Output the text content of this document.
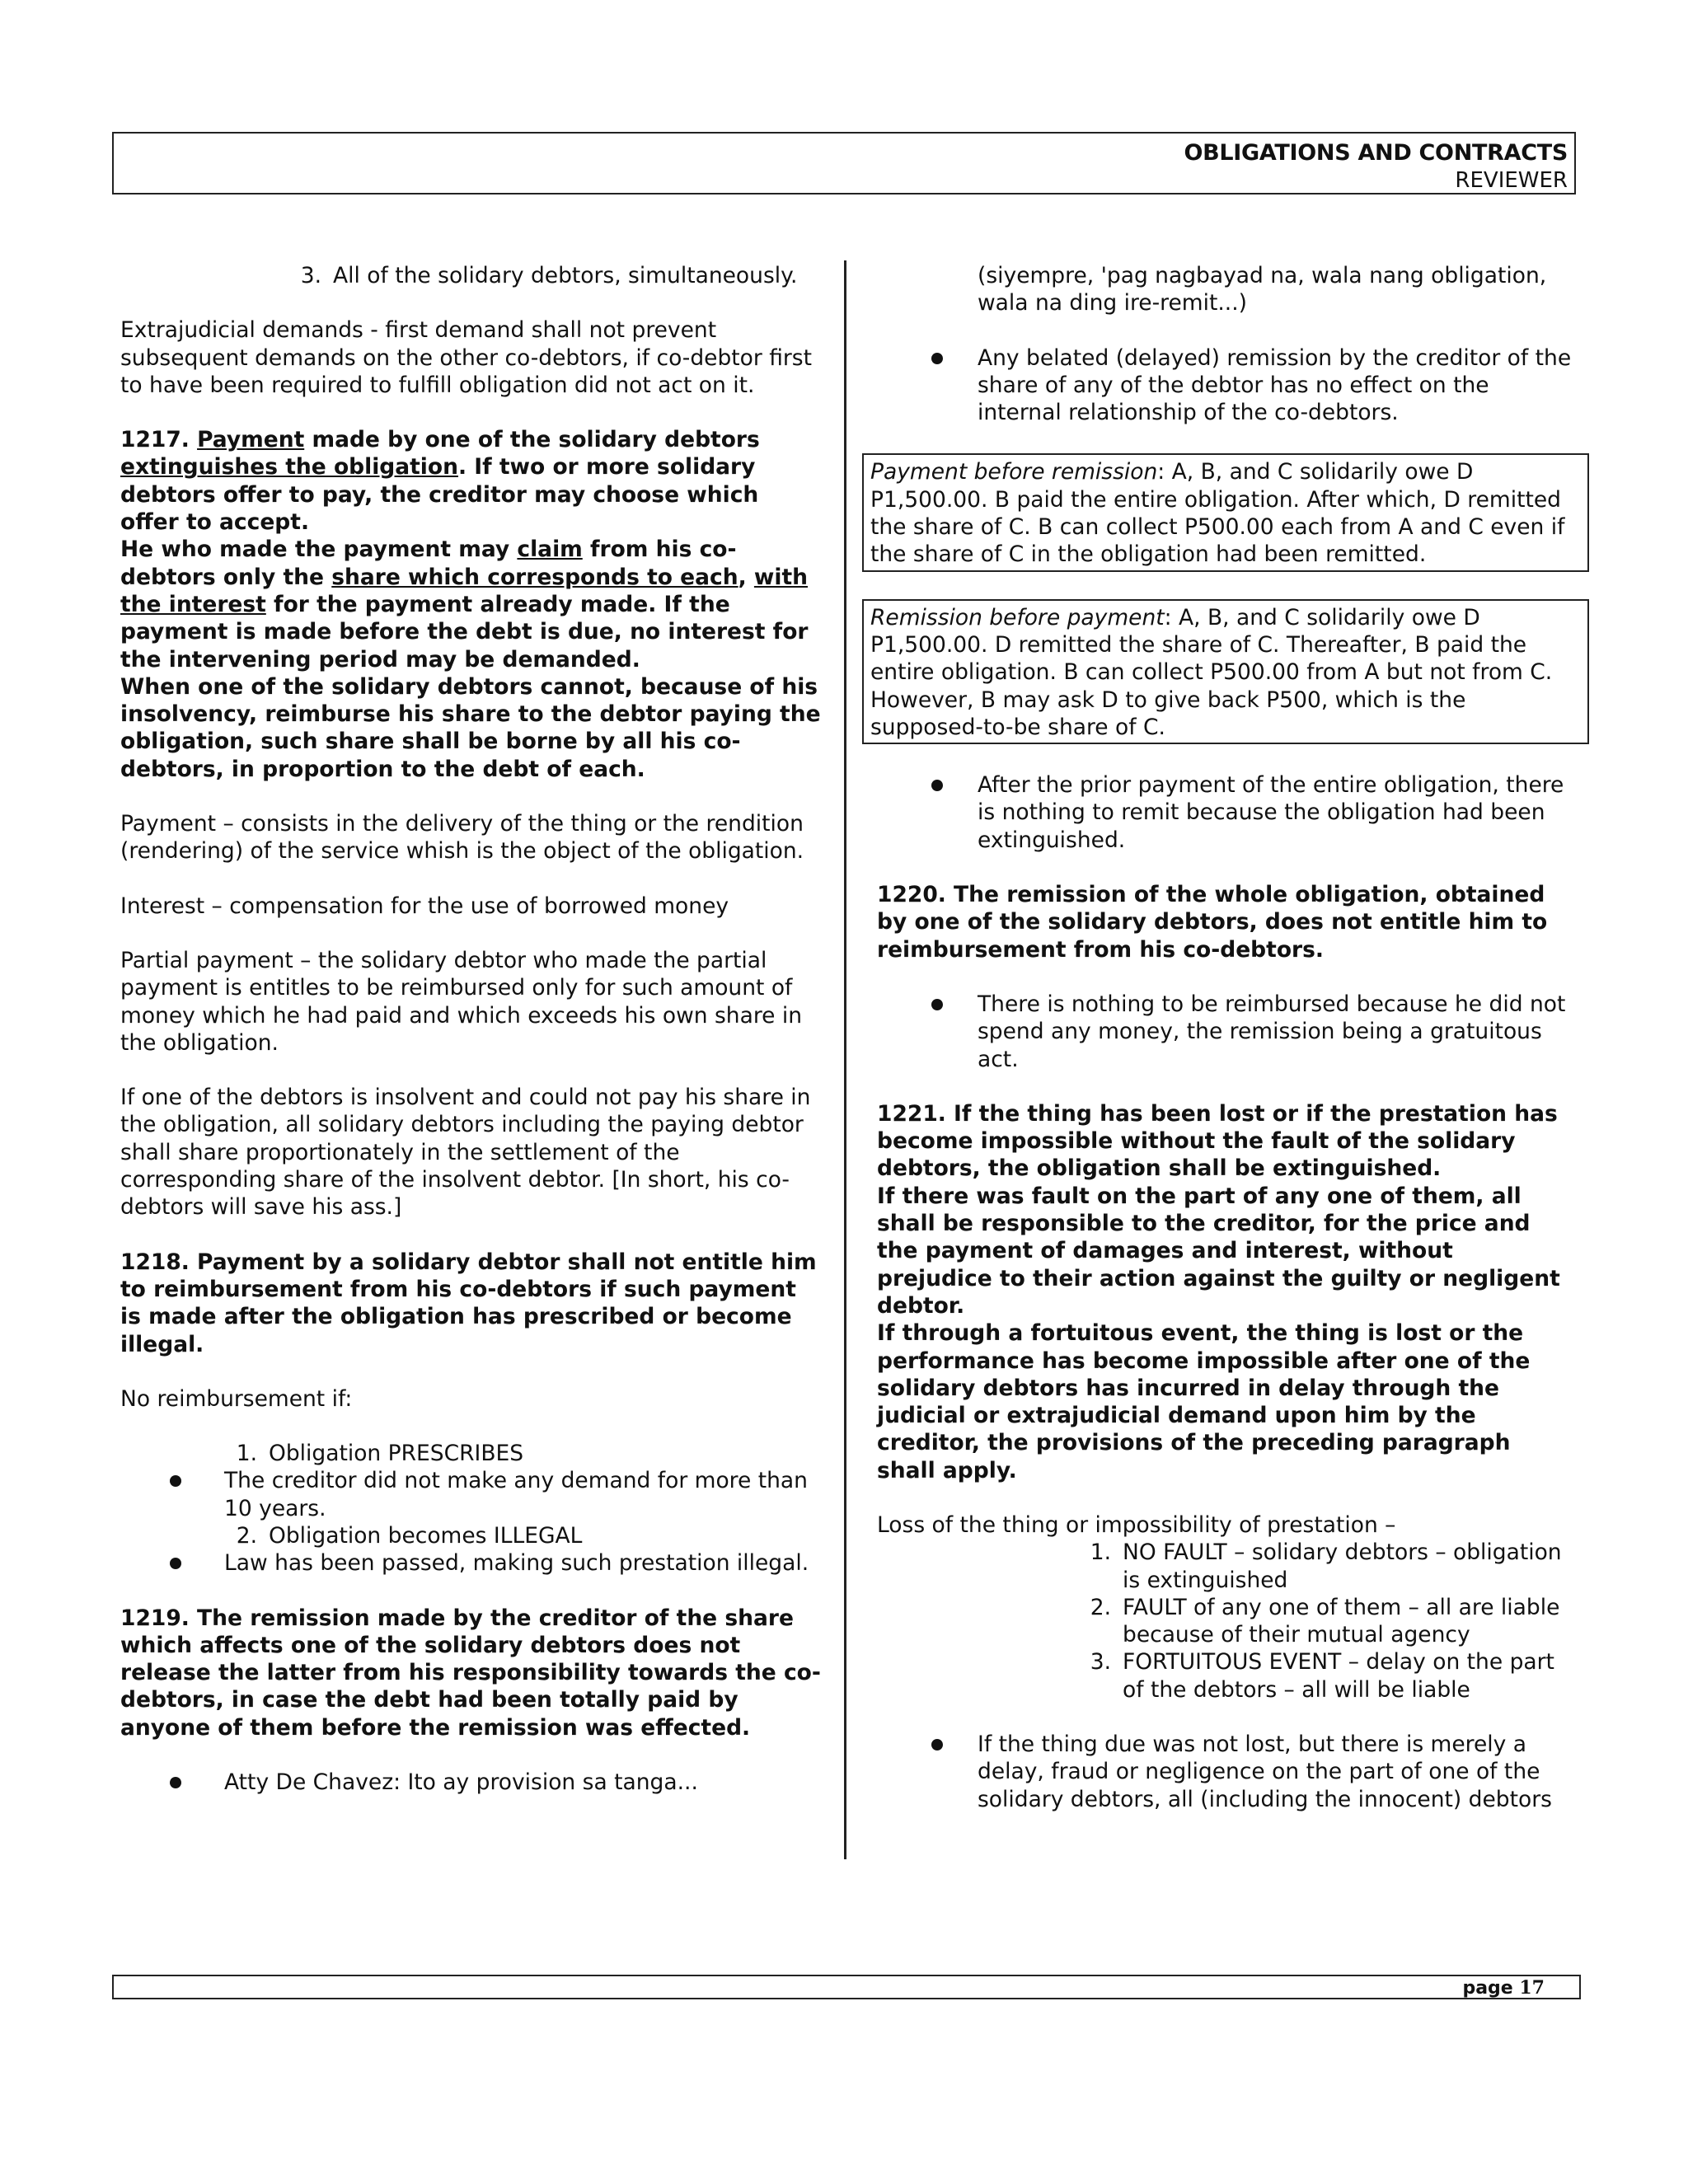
OBLIGATIONS AND CONTRACTS
REVIEWER
3. All of the solidary debtors, simultaneously.

Extrajudicial demands - first demand shall not prevent subsequent demands on the other co-debtors, if co-debtor first to have been required to fulfill obligation did not act on it.

1217. Payment made by one of the solidary debtors extinguishes the obligation. If two or more solidary debtors offer to pay, the creditor may choose which offer to accept.
He who made the payment may claim from his co-debtors only the share which corresponds to each, with the interest for the payment already made. If the payment is made before the debt is due, no interest for the intervening period may be demanded.
When one of the solidary debtors cannot, because of his insolvency, reimburse his share to the debtor paying the obligation, such share shall be borne by all his co-debtors, in proportion to the debt of each.

Payment – consists in the delivery of the thing or the rendition (rendering) of the service whish is the object of the obligation.

Interest – compensation for the use of borrowed money

Partial payment – the solidary debtor who made the partial payment is entitles to be reimbursed only for such amount of money which he had paid and which exceeds his own share in the obligation.

If one of the debtors is insolvent and could not pay his share in the obligation, all solidary debtors including the paying debtor shall share proportionately in the settlement of the corresponding share of the insolvent debtor. [In short, his co-debtors will save his ass.]

1218. Payment by a solidary debtor shall not entitle him to reimbursement from his co-debtors if such payment is made after the obligation has prescribed or become illegal.

No reimbursement if:

1. Obligation PRESCRIBES
The creditor did not make any demand for more than 10 years.
2. Obligation becomes ILLEGAL
Law has been passed, making such prestation illegal.

1219. The remission made by the creditor of the share which affects one of the solidary debtors does not release the latter from his responsibility towards the co-debtors, in case the debt had been totally paid by anyone of them before the remission was effected.

Atty De Chavez: Ito ay provision sa tanga...

(siyempre, 'pag nagbayad na, wala nang obligation, wala na ding ire-remit...)

Any belated (delayed) remission by the creditor of the share of any of the debtor has no effect on the internal relationship of the co-debtors.
Payment before remission: A, B, and C solidarily owe D P1,500.00. B paid the entire obligation. After which, D remitted the share of C. B can collect P500.00 each from A and C even if the share of C in the obligation had been remitted.
Remission before payment: A, B, and C solidarily owe D P1,500.00. D remitted the share of C. Thereafter, B paid the entire obligation. B can collect P500.00 from A but not from C. However, B may ask D to give back P500, which is the supposed-to-be share of C.
After the prior payment of the entire obligation, there is nothing to remit because the obligation had been extinguished.

1220. The remission of the whole obligation, obtained by one of the solidary debtors, does not entitle him to reimbursement from his co-debtors.

There is nothing to be reimbursed because he did not spend any money, the remission being a gratuitous act.

1221. If the thing has been lost or if the prestation has become impossible without the fault of the solidary debtors, the obligation shall be extinguished.
If there was fault on the part of any one of them, all shall be responsible to the creditor, for the price and the payment of damages and interest, without prejudice to their action against the guilty or negligent debtor.
If through a fortuitous event, the thing is lost or the performance has become impossible after one of the solidary debtors has incurred in delay through the judicial or extrajudicial demand upon him by the creditor, the provisions of the preceding paragraph shall apply.

Loss of the thing or impossibility of prestation –
1. NO FAULT – solidary debtors – obligation is extinguished
2. FAULT of any one of them – all are liable because of their mutual agency
3. FORTUITOUS EVENT – delay on the part of the debtors – all will be liable
If the thing due was not lost, but there is merely a delay, fraud or negligence on the part of one of the solidary debtors, all (including the innocent) debtors
page 17
